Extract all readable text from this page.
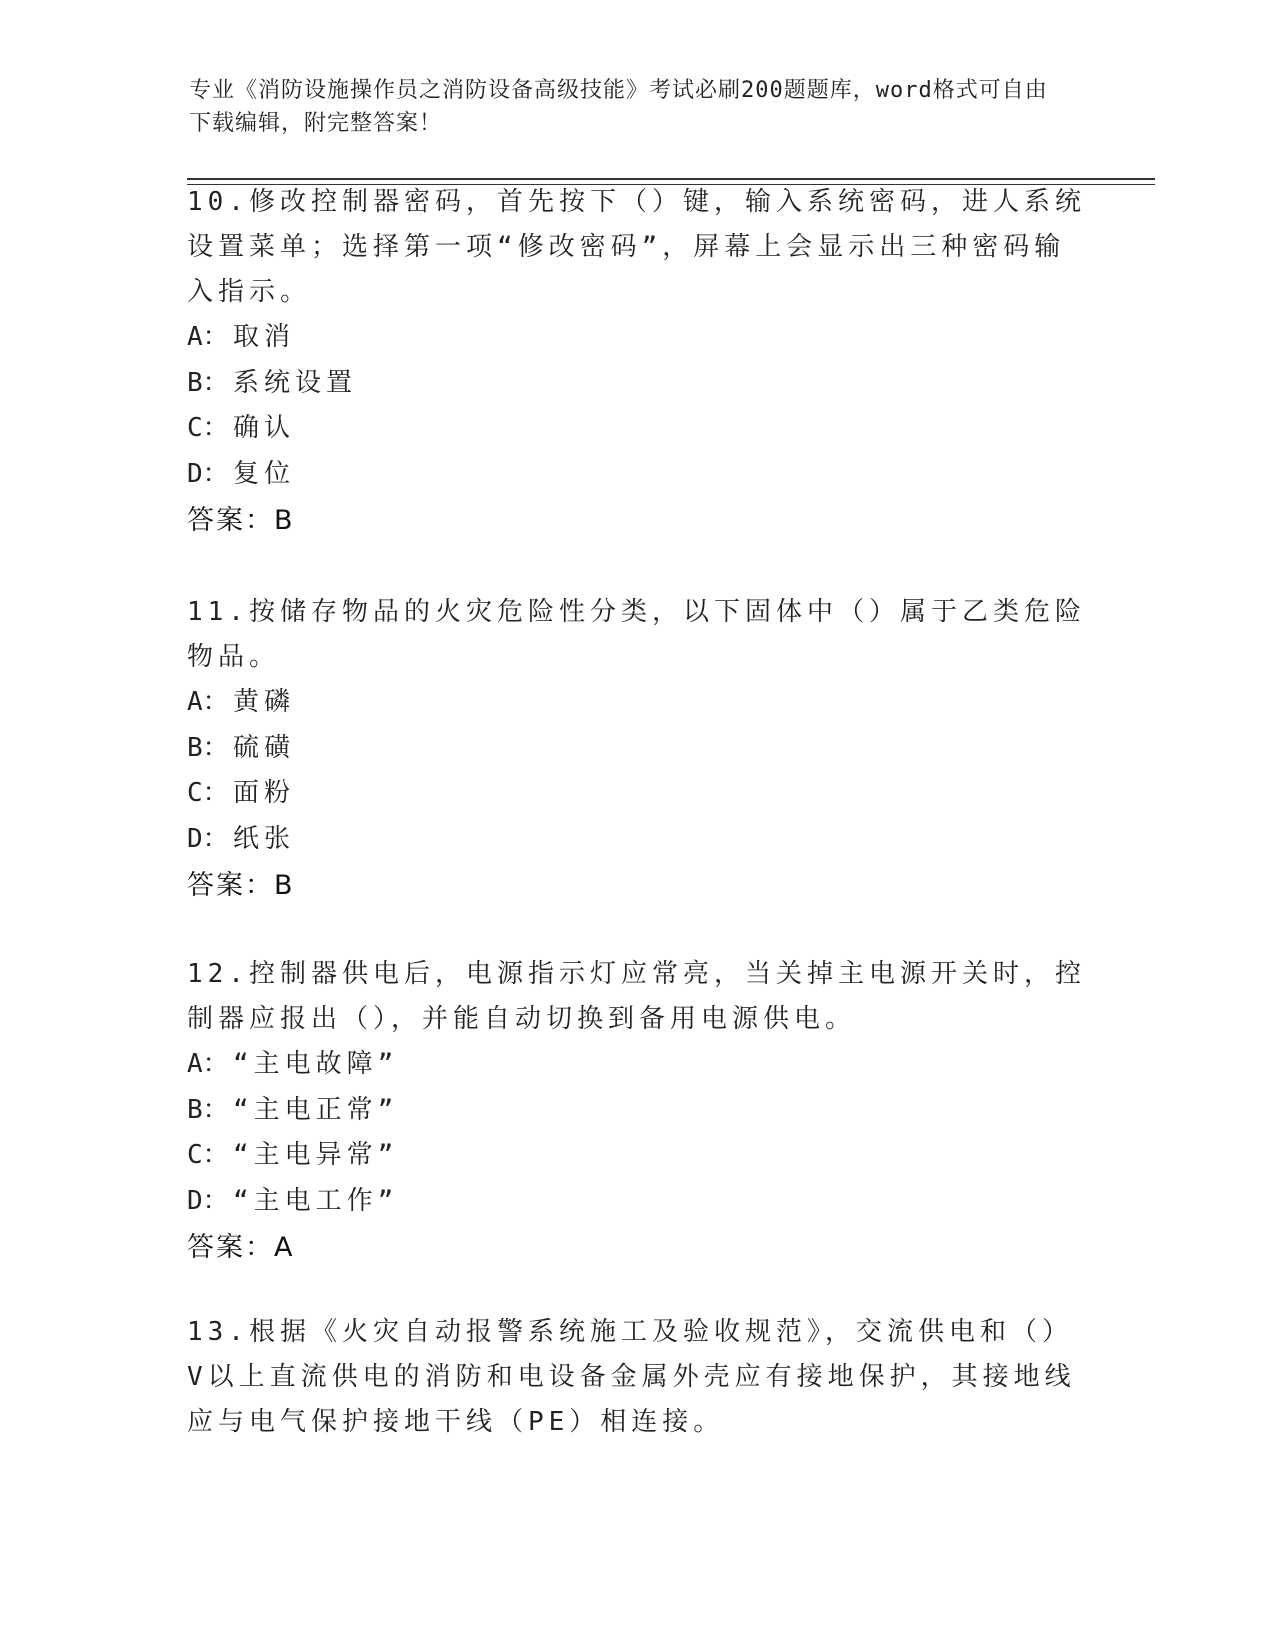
专业《消防设施操作员之消防设备高级技能》考试必刷200题题库，word格式可自由下载编辑，附完整答案！

10.修改控制器密码，首先按下（）键，输入系统密码，进人系统设置菜单；选择第一项“修改密码”，屏幕上会显示出三种密码输入指示。

A： 取消

B： 系统设置

C： 确认

D： 复位

答案：B

11.按储存物品的火灾危险性分类，以下固体中（）属于乙类危险物品。

A： 黄磷

B： 硫磺

C： 面粉

D： 纸张

答案：B

12.控制器供电后，电源指示灯应常亮，当关掉主电源开关时，控制器应报出（），并能自动切换到备用电源供电。

A： “主电故障”

B： “主电正常”

C： “主电异常”

D： “主电工作”

答案：A

13.根据《火灾自动报警系统施工及验收规范》，交流供电和（）V以上直流供电的消防和电设备金属外壳应有接地保护，其接地线应与电气保护接地干线（PE）相连接。
